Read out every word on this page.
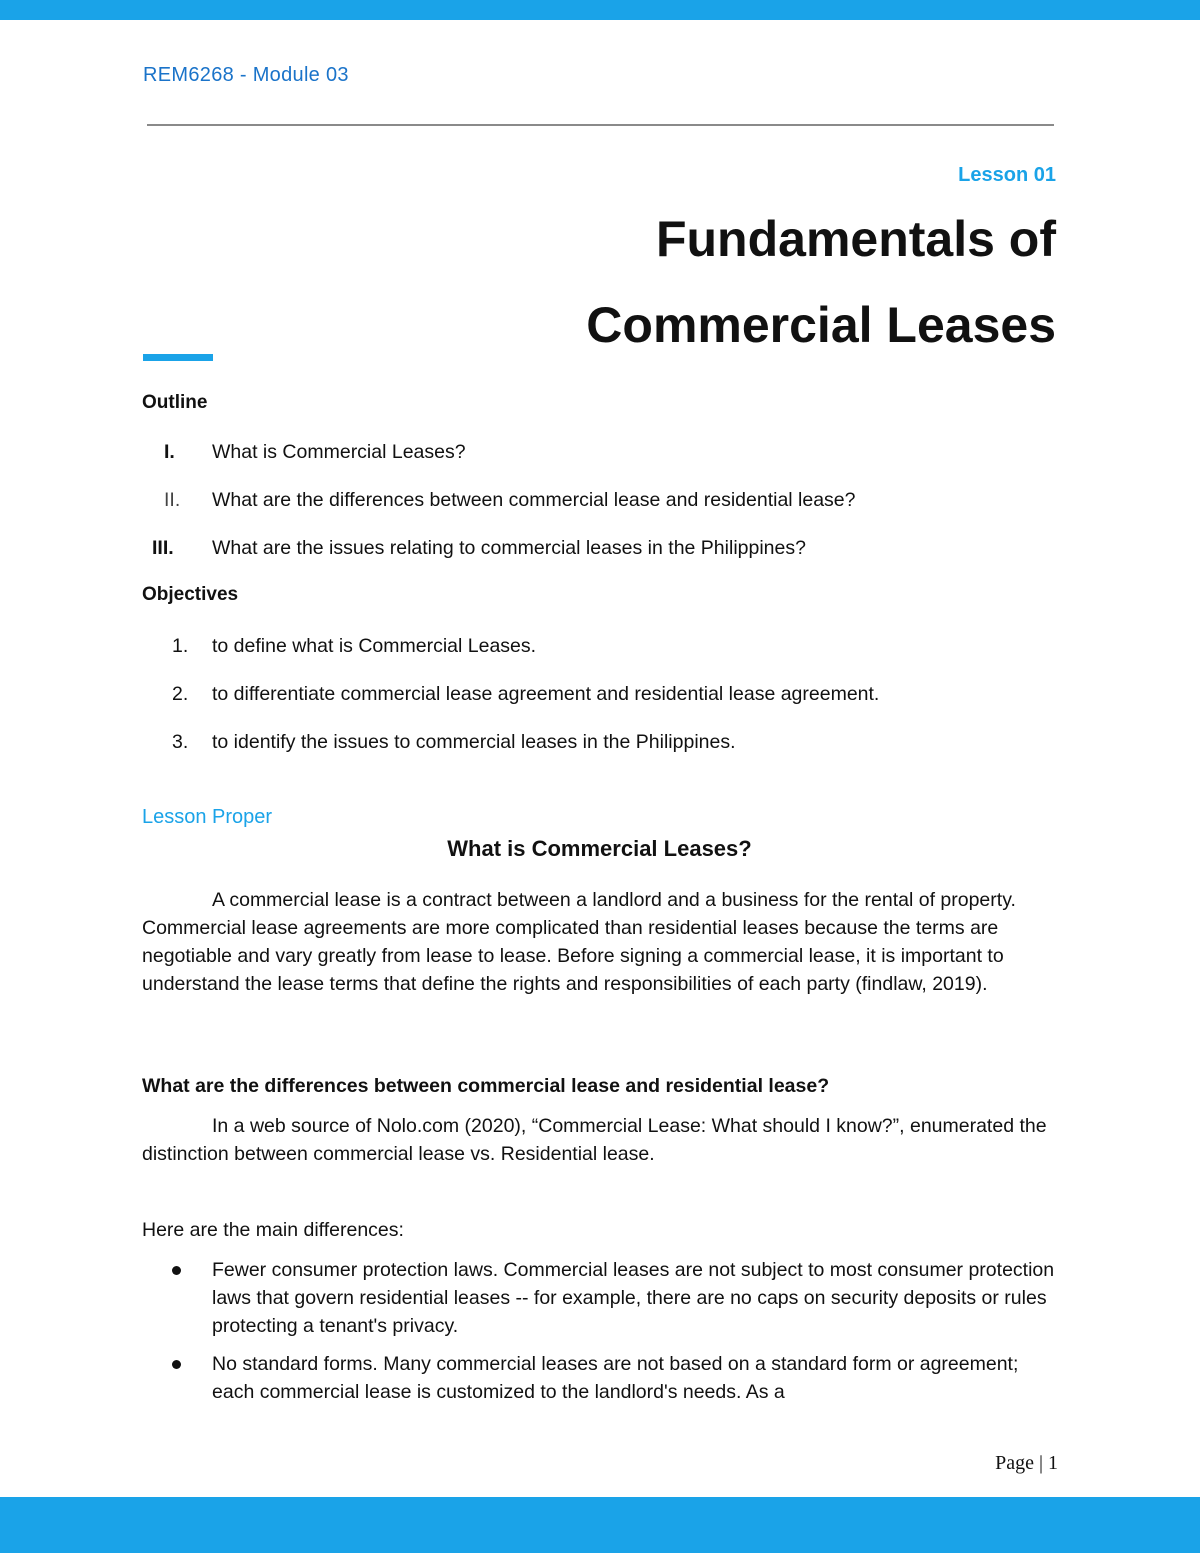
REM6268 - Module 03
Lesson 01
Fundamentals of
Commercial Leases
Outline
I. What is Commercial Leases?
II. What are the differences between commercial lease and residential lease?
III. What are the issues relating to commercial leases in the Philippines?
Objectives
1. to define what is Commercial Leases.
2. to differentiate commercial lease agreement and residential lease agreement.
3. to identify the issues to commercial leases in the Philippines.
Lesson Proper
What is Commercial Leases?

A commercial lease is a contract between a landlord and a business for the rental of property. Commercial lease agreements are more complicated than residential leases because the terms are negotiable and vary greatly from lease to lease. Before signing a commercial lease, it is important to understand the lease terms that define the rights and responsibilities of each party (findlaw, 2019).

What are the differences between commercial lease and residential lease?

In a web source of Nolo.com (2020), “Commercial Lease: What should I know?”, enumerated the distinction between commercial lease vs. Residential lease.

Here are the main differences:

Fewer consumer protection laws. Commercial leases are not subject to most consumer protection laws that govern residential leases -- for example, there are no caps on security deposits or rules protecting a tenant's privacy.
No standard forms. Many commercial leases are not based on a standard form or agreement; each commercial lease is customized to the landlord's needs. As a
Page | 1
